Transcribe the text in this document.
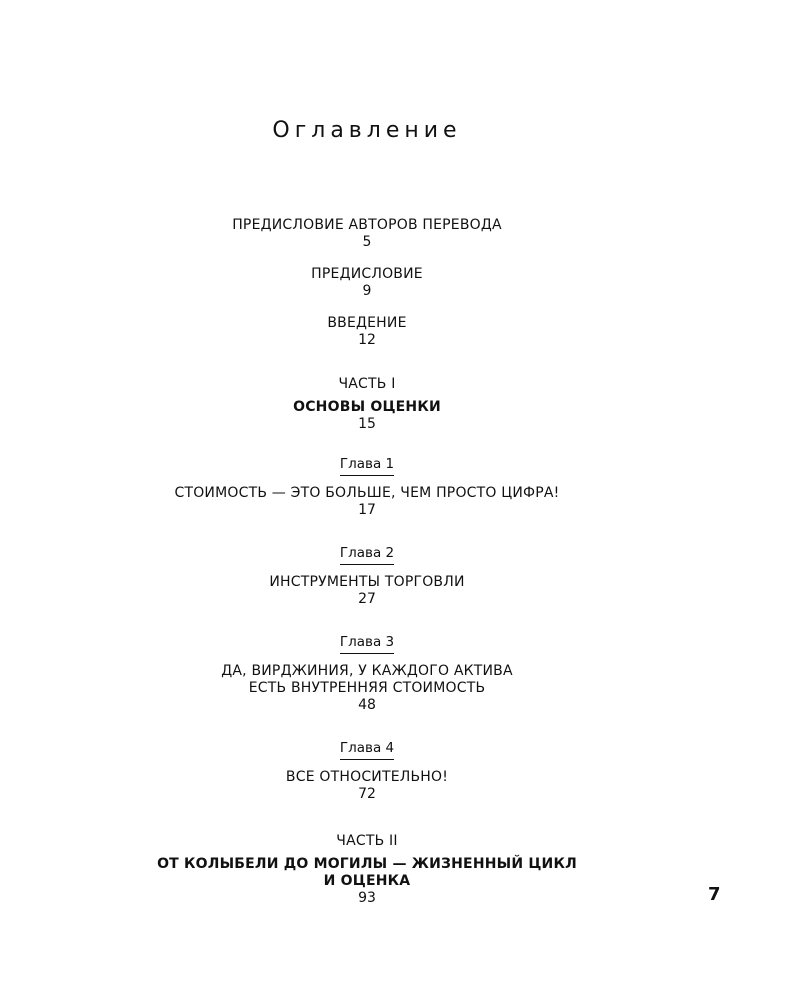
Оглавление
ПРЕДИСЛОВИЕ АВТОРОВ ПЕРЕВОДА
5
ПРЕДИСЛОВИЕ
9
ВВЕДЕНИЕ
12
ЧАСТЬ I
ОСНОВЫ ОЦЕНКИ
15
Глава 1
СТОИМОСТЬ — ЭТО БОЛЬШЕ, ЧЕМ ПРОСТО ЦИФРА!
17
Глава 2
ИНСТРУМЕНТЫ ТОРГОВЛИ
27
Глава 3
ДА, ВИРДЖИНИЯ, У КАЖДОГО АКТИВА
ЕСТЬ ВНУТРЕННЯЯ СТОИМОСТЬ
48
Глава 4
ВСЕ ОТНОСИТЕЛЬНО!
72
ЧАСТЬ II
ОТ КОЛЫБЕЛИ ДО МОГИЛЫ — ЖИЗНЕННЫЙ ЦИКЛ
И ОЦЕНКА
93	7
